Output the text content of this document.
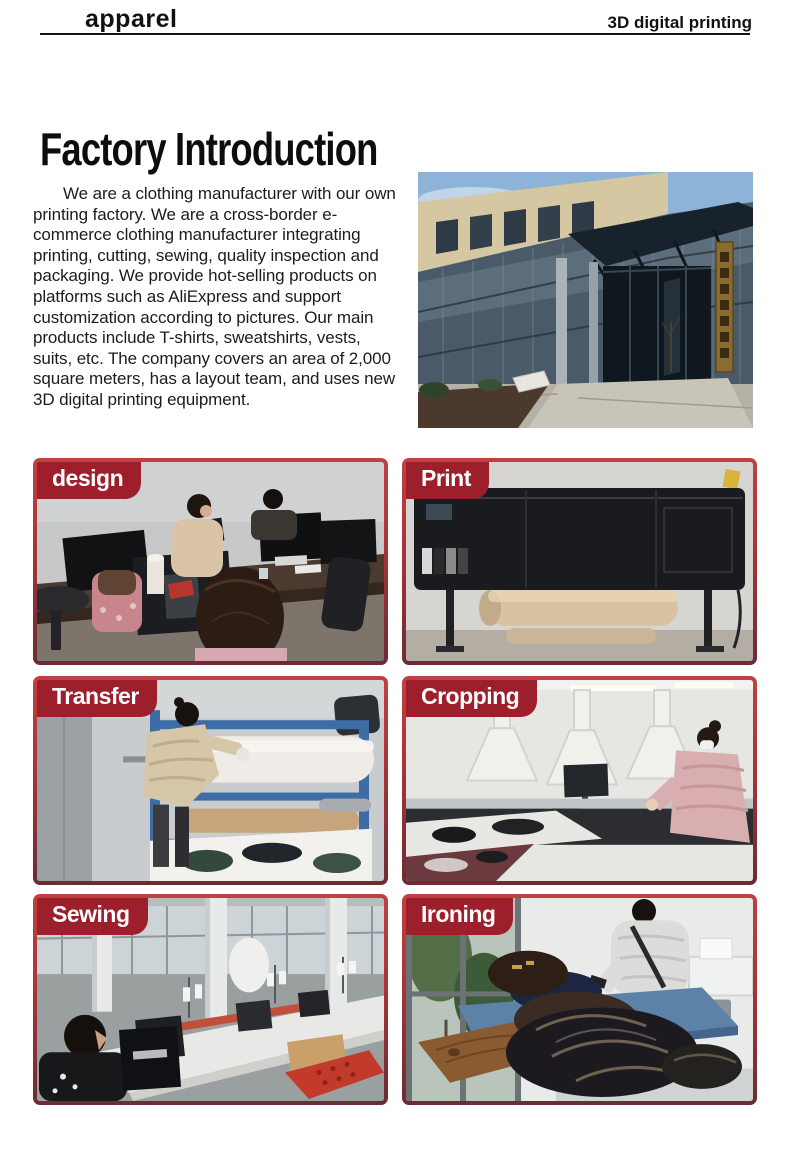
apparel	3D digital printing
Factory Introduction

We are a clothing manufacturer with our own printing factory. We are a cross-border e-commerce clothing manufacturer integrating printing, cutting, sewing, quality inspection and packaging. We provide hot-selling products on platforms such as AliExpress and support customization according to pictures. Our main products include T-shirts, sweatshirts, vests, suits, etc. The company covers an area of 2,000 square meters, has a layout team, and uses new 3D digital printing equipment.

design	Print
Transfer	Cropping
Sewing	Ironing
